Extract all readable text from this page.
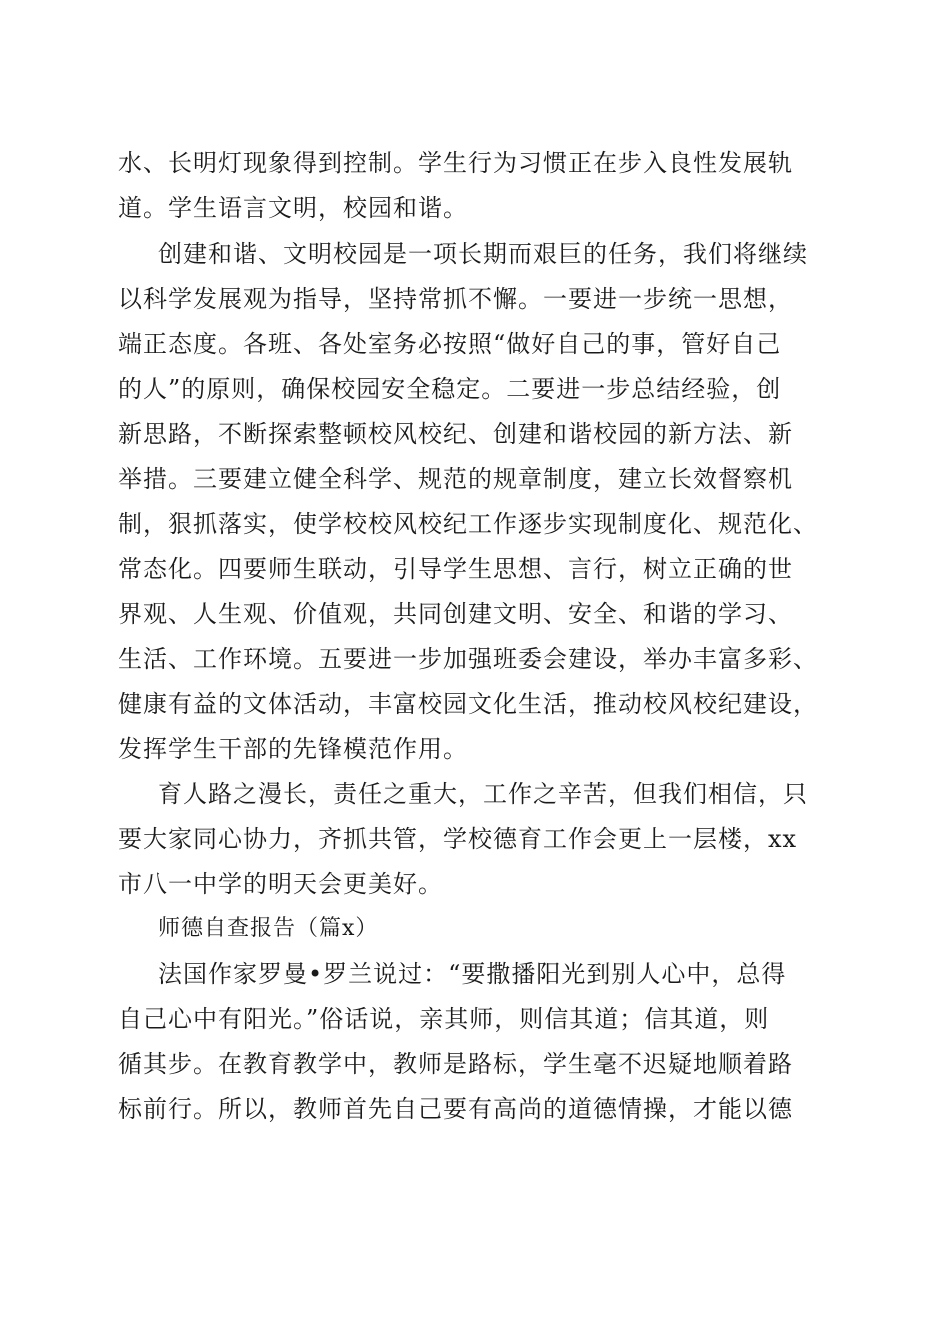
水、长明灯现象得到控制。学生行为习惯正在步入良性发展轨
道。学生语言文明，校园和谐。
创建和谐、文明校园是一项长期而艰巨的任务，我们将继续
以科学发展观为指导，坚持常抓不懈。一要进一步统一思想，
端正态度。各班、各处室务必按照“做好自己的事，管好自己
的人”的原则，确保校园安全稳定。二要进一步总结经验，创
新思路，不断探索整顿校风校纪、创建和谐校园的新方法、新
举措。三要建立健全科学、规范的规章制度，建立长效督察机
制，狠抓落实，使学校校风校纪工作逐步实现制度化、规范化、
常态化。四要师生联动，引导学生思想、言行，树立正确的世
界观、人生观、价值观，共同创建文明、安全、和谐的学习、
生活、工作环境。五要进一步加强班委会建设，举办丰富多彩、
健康有益的文体活动，丰富校园文化生活，推动校风校纪建设，
发挥学生干部的先锋模范作用。
育人路之漫长，责任之重大，工作之辛苦，但我们相信，只
要大家同心协力，齐抓共管，学校德育工作会更上一层楼，xx
市八一中学的明天会更美好。
师德自查报告（篇x）
法国作家罗曼•罗兰说过：“要撒播阳光到别人心中，总得
自己心中有阳光。”俗话说，亲其师，则信其道；信其道，则
循其步。在教育教学中，教师是路标，学生毫不迟疑地顺着路
标前行。所以，教师首先自己要有高尚的道德情操，才能以德
